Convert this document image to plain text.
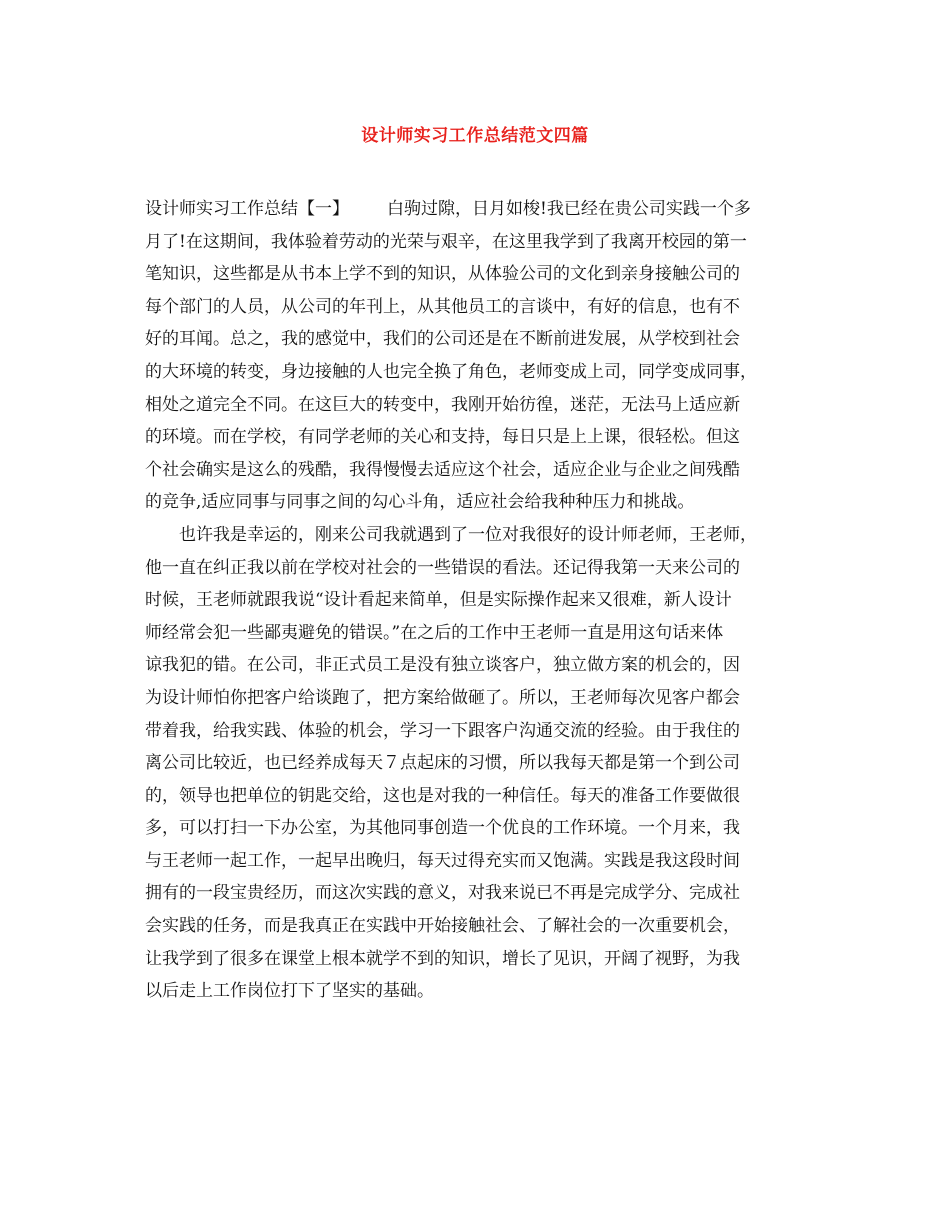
设计师实习工作总结范文四篇
设计师实习工作总结【一】 白驹过隙，日月如梭!我已经在贵公司实践一个多
月了!在这期间，我体验着劳动的光荣与艰辛，在这里我学到了我离开校园的第一
笔知识，这些都是从书本上学不到的知识，从体验公司的文化到亲身接触公司的
每个部门的人员，从公司的年刊上，从其他员工的言谈中，有好的信息，也有不
好的耳闻。总之，我的感觉中，我们的公司还是在不断前进发展，从学校到社会
的大环境的转变，身边接触的人也完全换了角色，老师变成上司，同学变成同事，
相处之道完全不同。在这巨大的转变中，我刚开始彷徨，迷茫，无法马上适应新
的环境。而在学校，有同学老师的关心和支持，每日只是上上课，很轻松。但这
个社会确实是这么的残酷，我得慢慢去适应这个社会，适应企业与企业之间残酷
的竞争,适应同事与同事之间的勾心斗角，适应社会给我种种压力和挑战。
　　也许我是幸运的，刚来公司我就遇到了一位对我很好的设计师老师，王老师，
他一直在纠正我以前在学校对社会的一些错误的看法。还记得我第一天来公司的
时候，王老师就跟我说“设计看起来简单，但是实际操作起来又很难，新人设计
师经常会犯一些鄙夷避免的错误。”在之后的工作中王老师一直是用这句话来体
谅我犯的错。在公司，非正式员工是没有独立谈客户，独立做方案的机会的，因
为设计师怕你把客户给谈跑了，把方案给做砸了。所以，王老师每次见客户都会
带着我，给我实践、体验的机会，学习一下跟客户沟通交流的经验。由于我住的
离公司比较近，也已经养成每天７点起床的习惯，所以我每天都是第一个到公司
的，领导也把单位的钥匙交给，这也是对我的一种信任。每天的准备工作要做很
多，可以打扫一下办公室，为其他同事创造一个优良的工作环境。一个月来，我
与王老师一起工作，一起早出晚归，每天过得充实而又饱满。实践是我这段时间
拥有的一段宝贵经历，而这次实践的意义，对我来说已不再是完成学分、完成社
会实践的任务，而是我真正在实践中开始接触社会、了解社会的一次重要机会，
让我学到了很多在课堂上根本就学不到的知识，增长了见识，开阔了视野，为我
以后走上工作岗位打下了坚实的基础。
